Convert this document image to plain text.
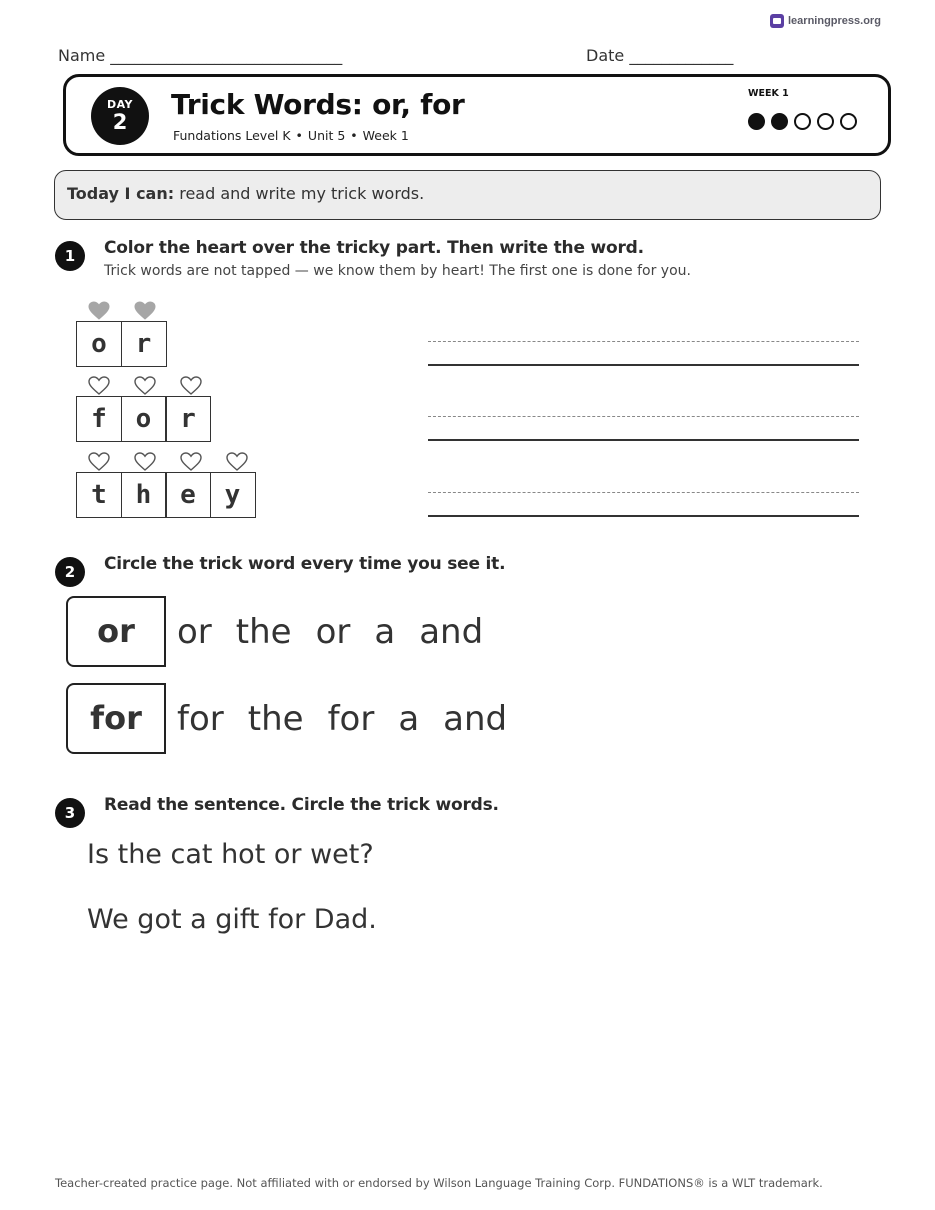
learningpress.org
Name _____________________________	Date _____________
DAY
2
Trick Words: or, for
Fundations Level K • Unit 5 • Week 1
WEEK 1
Today I can: read and write my trick words.
1	Color the heart over the tricky part. Then write the word.
Trick words are not tapped — we know them by heart! The first one is done for you.
o	r
f	o	r
t	h	e	y
2	Circle the trick word every time you see it.
or	or the or a and
for	for the for a and
3	Read the sentence. Circle the trick words.
Is the cat hot or wet?
We got a gift for Dad.
Teacher-created practice page. Not affiliated with or endorsed by Wilson Language Training Corp. FUNDATIONS® is a WLT trademark.
